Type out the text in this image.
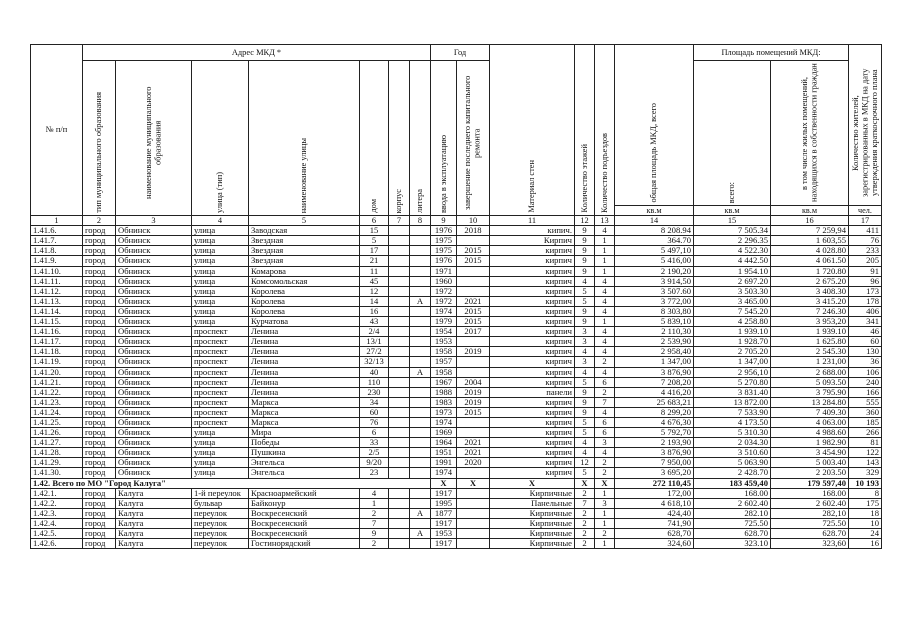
№ п/п	Адрес МКД *							Год		Материал стен	Количество этажей	Количество подъездов	общая площадь МКД, всего	Площадь помещений МКД:		Количество жителей, зарегистрированных в МКД на дату утверждения краткосрочного плана
	тип муниципального образования	наименование муниципального образования	улица (тип)	наименование улицы	дом	корпус	литера	ввода в эксплуатацию	завершение последнего капитального ремонта					всего:	в том числе жилых помещений, находящихся в собственности граждан	
													кв.м	кв.м	кв.м	чел.
1	2	3	4	5	6	7	8	9	10	11	12	13	14	15	16	17
1.41.6.	город	Обнинск	улица	Заводская	15			1976	2018	кипич.	9	4	8 208.94	7 505.34	7 259,94	411
1.41.7.	город	Обнинск	улица	Звездная	5			1975		Кирпич	9	1	364.70	2 296.35	1 603,55	76
1.41.8.	город	Обнинск	улица	Звездная	17			1975	2015	кирпич	9	1	5 497,10	4 522.30	4 028.80	233
1.41.9.	город	Обнинск	улица	Звездная	21			1976	2015	кирпич	9	1	5 416,00	4 442.50	4 061.50	205
1.41.10.	город	Обнинск	улица	Комарова	11			1971		кирпич	9	1	2 190,20	1 954.10	1 720.80	91
1.41.11.	город	Обнинск	улица	Комсомольская	45			1960		кирпич	4	4	3 914,50	2 697.20	2 675.20	96
1.41.12.	город	Обнинск	улица	Королева	12			1972		кирпич	5	4	3 507.60	3 503.30	3 408.30	173
1.41.13.	город	Обнинск	улица	Королева	14		А	1972	2021	кирпич	5	4	3 772,00	3 465.00	3 415.20	178
1.41.14.	город	Обнинск	улица	Королева	16			1974	2015	кирпич	9	4	8 303,80	7 545.20	7 246.30	406
1.41.15.	город	Обнинск	улица	Курчатова	43			1979	2015	кирпич	9	1	5 839,10	4 258.80	3 953,20	341
1.41.16.	город	Обнинск	проспект	Ленина	2/4			1954	2017	кирпич	3	4	2 110,30	1 939.10	1 939.10	46
1.41.17.	город	Обнинск	проспект	Ленина	13/1			1953		кирпич	3	4	2 539,90	1 928.70	1 625.80	60
1.41.18.	город	Обнинск	проспект	Ленина	27/2			1958	2019	кирпич	4	4	2 958,40	2 705.20	2 545.30	130
1.41.19.	город	Обнинск	проспект	Ленина	32/13			1957		кирпич	3	2	1 347,00	1 347,00	1 231,00	36
1.41.20.	город	Обнинск	проспект	Ленина	40		А	1958		кирпич	4	4	3 876,90	2 956,10	2 688.00	106
1.41.21.	город	Обнинск	проспект	Ленина	110			1967	2004	кирпич	5	6	7 208,20	5 270.80	5 093.50	240
1.41.22.	город	Обнинск	проспект	Ленина	230			1988	2019	панели	9	2	4 416,20	3 831.40	3 795.90	166
1.41.23.	город	Обнинск	проспект	Маркса	34			1983	2019	кирпич	9	7	25 683,21	13 872.00	13 284.80	555
1.41.24.	город	Обнинск	проспект	Маркса	60			1973	2015	кирпич	9	4	8 299,20	7 533.90	7 409.30	360
1.41.25.	город	Обнинск	проспект	Маркса	76			1974		кирпич	5	6	4 676,30	4 173.50	4 063.00	185
1.41.26.	город	Обнинск	улица	Мира	6			1969		кирпич	5	6	5 792,70	5 310.30	4 988.60	266
1.41.27.	город	Обнинск	улица	Победы	33			1964	2021	кирпич	4	3	2 193,90	2 034.30	1 982.90	81
1.41.28.	город	Обнинск	улица	Пушкина	2/5			1951	2021	кирпич	4	4	3 876,90	3 510.60	3 454.90	122
1.41.29.	город	Обнинск	улица	Энгельса	9/20			1991	2020	кирпич	12	2	7 950,00	5 063.90	5 003.40	143
1.41.30.	город	Обнинск	улица	Энгельса	23			1974		кирпич	5	2	3 695,20	2 428.70	2 203.50	329
1.42. Всего по МО "Город Калуга"								X	X	X	X	X	272 110,45	183 459,40	179 597,40	10 193
1.42.1.	город	Калуга	1-й переулок	Красноармейский	4			1917		Кирпичные	2	1	172,00	168.00	168.00	8
1.42.2.	город	Калуга	бульвар	Байконур	1			1995		Панельные	7	3	4 618,10	2 602.40	2 602.40	175
1.42.3.	город	Калуга	переулок	Воскресенский	2		А	1877		Кирпичные	2	1	424,40	282.10	282,10	18
1.42.4.	город	Калуга	переулок	Воскресенский	7			1917		Кирпичные	2	1	741,90	725.50	725.50	10
1.42.5.	город	Калуга	переулок	Воскресенский	9		А	1953		Кирпичные	2	2	628,70	628.70	628.70	24
1.42.6.	город	Калуга	переулок	Гостинорядский	2			1917		Кирпичные	2	1	324,60	323.10	323,60	16
